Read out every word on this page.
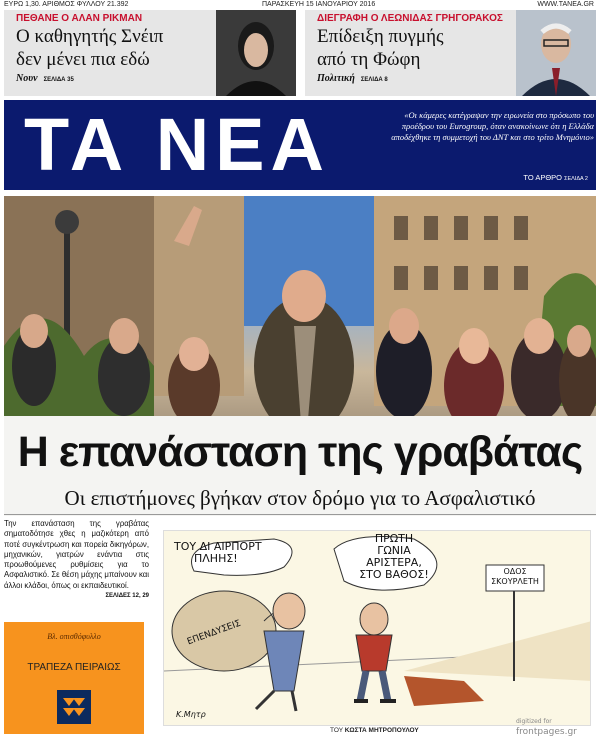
ΕΥΡΩ 1,30. ΑΡΙΘΜΟΣ ΦΥΛΛΟΥ 21.392	ΠΑΡΑΣΚΕΥΗ 15 ΙΑΝΟΥΑΡΙΟΥ 2016	WWW.TANEA.GR
ΠΕΘΑΝΕ Ο ΑΛΑΝ ΡΙΚΜΑΝ
Ο καθηγητής Σνέιπ
δεν μένει πια εδώ
Νουν ΣΕΛΙΔΑ 35
ΔΙΕΓΡΑΦΗ Ο ΛΕΩΝΙΔΑΣ ΓΡΗΓΟΡΑΚΟΣ
Επίδειξη πυγμής
από τη Φώφη
Πολιτική ΣΕΛΙΔΑ 8
ΤΑ ΝΕΑ	«Οι κάμερες κατέγραψαν την ειρωνεία στο πρόσωπο του προέδρου του Eurogroup, όταν ανακοίνωνε ότι η Ελλάδα αποδέχθηκε τη συμμετοχή του ΔΝΤ και στο τρίτο Μνημόνιο»
ΤΟ ΑΡΘΡΟ ΣΕΛΙΔΑ 2
Η επανάσταση της γραβάτας
Οι επιστήμονες βγήκαν στον δρόμο για το Ασφαλιστικό
Την επανάσταση της γραβάτας σηματοδότησε χθες η μαζικότερη από ποτέ συγκέντρωση και πορεία δικηγόρων, μηχανικών, γιατρών ενάντια στις προωθούμενες ρυθμίσεις για το Ασφαλιστικό. Σε θέση μάχης μπαίνουν και άλλοι κλάδοι, όπως οι εκπαιδευτικοί.
ΣΕΛΙΔΕΣ 12, 29
Βλ. οπισθόφυλλο
ΤΡΑΠΕΖΑ ΠΕΙΡΑΙΩΣ
ΤΟΥ ΔΙ ΑΙΡΠΟΡΤ
ΠΛΗΗΣ!
ΠΡΩΤΗ
ΓΩΝΙΑ
ΑΡΙΣΤΕΡΑ,
ΣΤΟ ΒΑΘΟΣ!	ΟΔΟΣ
ΣΚΟΥΡΛΕΤΗ
ΕΠΕΝΔΥΣΕΙΣ
Κ.Μητρ
ΤΟΥ ΚΩΣΤΑ ΜΗΤΡΟΠΟΥΛΟΥ
digitized for
frontpages.gr
